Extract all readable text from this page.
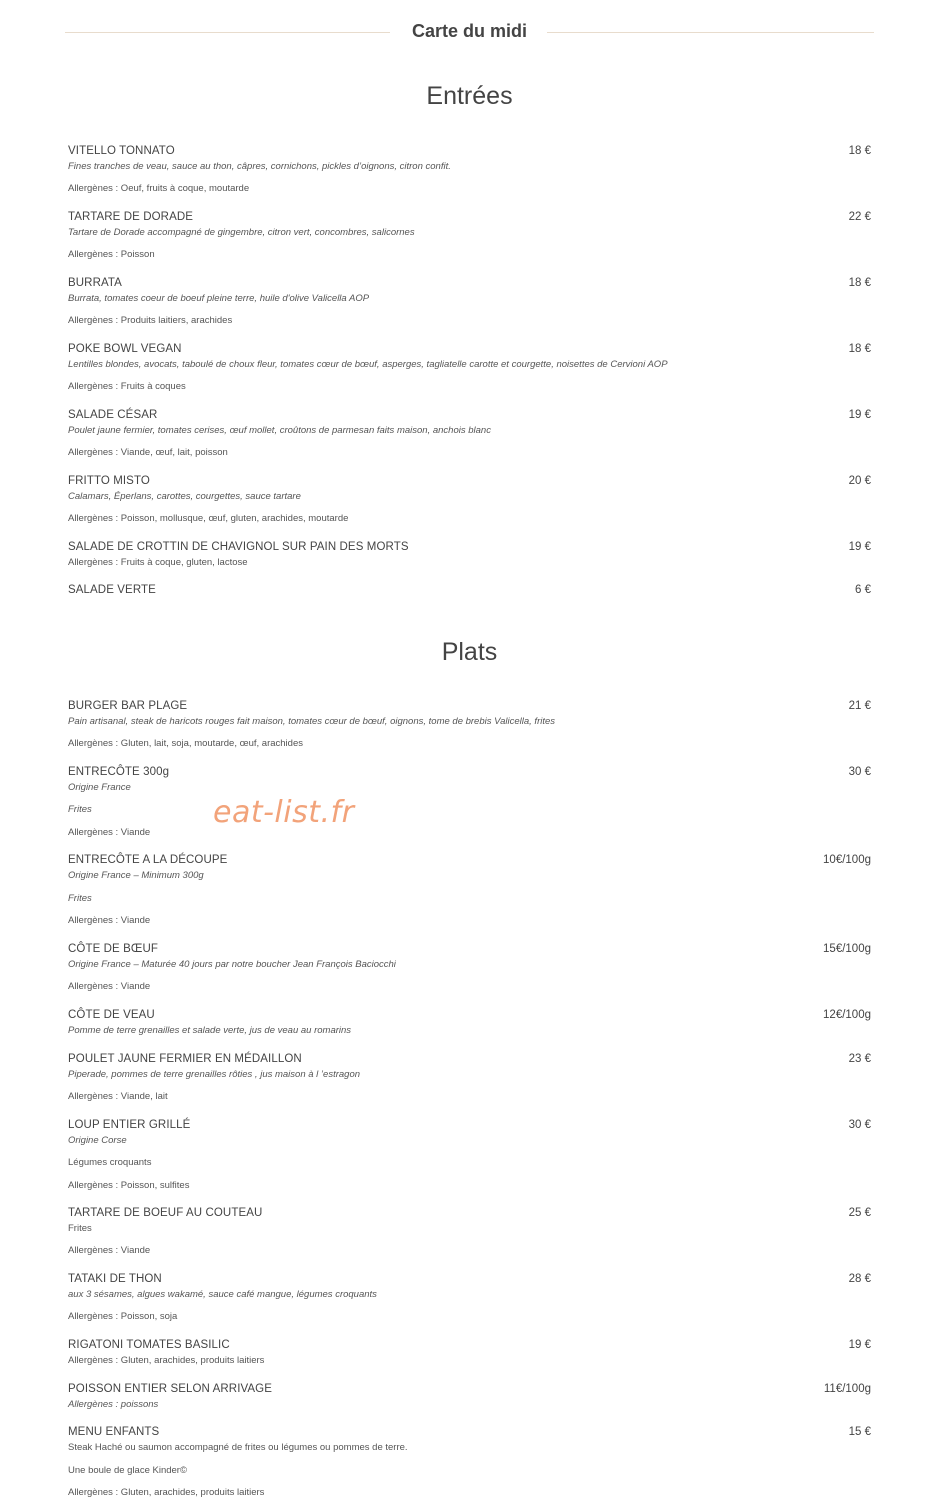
Carte du midi
Entrées
VITELLO TONNATO	18 €
Fines tranches de veau, sauce au thon, câpres, cornichons, pickles d’oignons, citron confit.
Allergènes : Oeuf, fruits à coque, moutarde
TARTARE DE DORADE	22 €
Tartare de Dorade accompagné de gingembre, citron vert, concombres, salicornes
Allergènes : Poisson
BURRATA	18 €
Burrata, tomates coeur de boeuf pleine terre, huile d'olive Valicella AOP
Allergènes : Produits laitiers, arachides
POKE BOWL VEGAN	18 €
Lentilles blondes, avocats, taboulé de choux fleur, tomates cœur de bœuf, asperges, tagliatelle carotte et courgette, noisettes de Cervioni AOP
Allergènes : Fruits à coques
SALADE CÉSAR	19 €
Poulet jaune fermier, tomates cerises, œuf mollet, croûtons de parmesan faits maison, anchois blanc
Allergènes : Viande, œuf, lait, poisson
FRITTO MISTO	20 €
Calamars, Éperlans, carottes, courgettes, sauce tartare
Allergènes : Poisson, mollusque, œuf, gluten, arachides, moutarde
SALADE DE CROTTIN DE CHAVIGNOL SUR PAIN DES MORTS	19 €
Allergènes : Fruits à coque, gluten, lactose
SALADE VERTE	6 €
Plats
BURGER BAR PLAGE	21 €
Pain artisanal, steak de haricots rouges fait maison, tomates cœur de bœuf, oignons, tome de brebis Valicella, frites
Allergènes : Gluten, lait, soja, moutarde, œuf, arachides
ENTRECÔTE 300g	30 €
Origine France
Frites
Allergènes : Viande
ENTRECÔTE A LA DÉCOUPE	10€/100g
Origine France – Minimum 300g
Frites
Allergènes : Viande
CÔTE DE BŒUF	15€/100g
Origine France – Maturée 40 jours par notre boucher Jean François Baciocchi
Allergènes : Viande
CÔTE DE VEAU	12€/100g
Pomme de terre grenailles et salade verte, jus de veau au romarins
POULET JAUNE FERMIER EN MÉDAILLON	23 €
Piperade, pommes de terre grenailles rôties , jus maison à l ’estragon
Allergènes : Viande, lait
LOUP ENTIER GRILLÉ	30 €
Origine Corse
Légumes croquants
Allergènes : Poisson, sulfites
TARTARE DE BOEUF AU COUTEAU	25 €
Frites
Allergènes : Viande
TATAKI DE THON	28 €
aux 3 sésames, algues wakamé, sauce café mangue, légumes croquants
Allergènes : Poisson, soja
RIGATONI TOMATES BASILIC	19 €
Allergènes : Gluten, arachides, produits laitiers
POISSON ENTIER SELON ARRIVAGE	11€/100g
Allergènes : poissons
MENU ENFANTS	15 €
Steak Haché ou saumon accompagné de frites ou légumes ou pommes de terre.
Une boule de glace Kinder©
Allergènes : Gluten, arachides, produits laitiers
eat-list.fr
